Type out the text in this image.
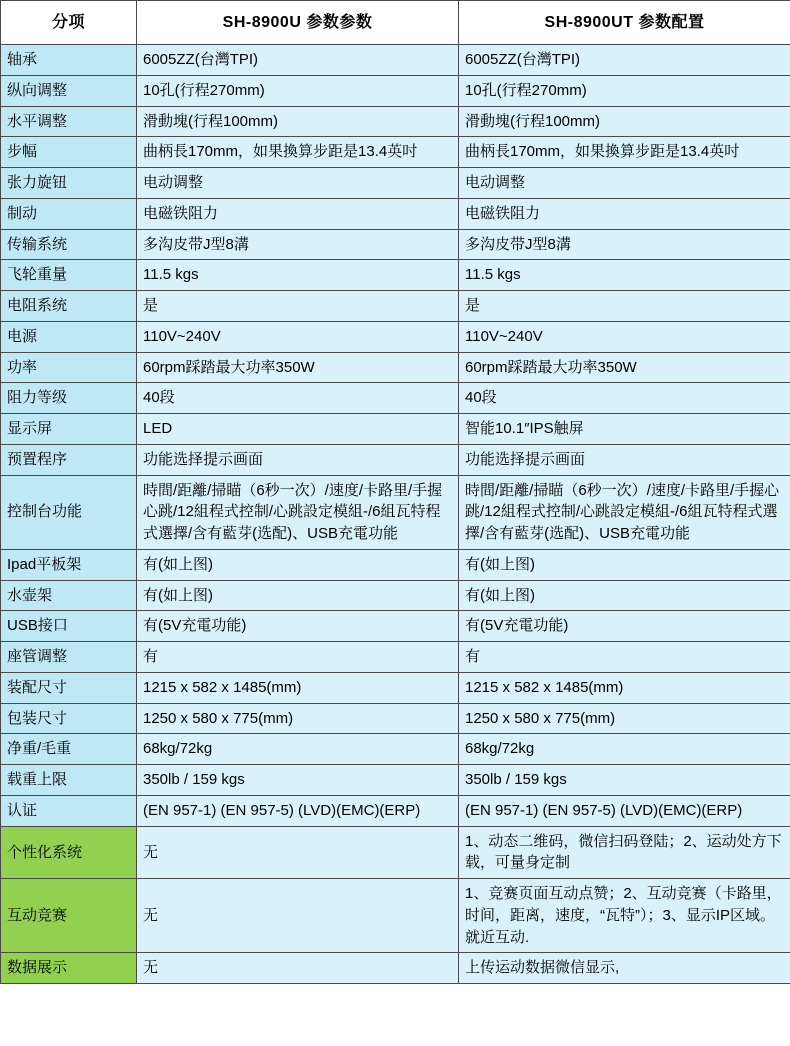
分项	SH-8900U 参数参数	SH-8900UT 参数配置
轴承	6005ZZ(台灣TPI)	6005ZZ(台灣TPI)
纵向调整	10孔(行程270mm)	10孔(行程270mm)
水平调整	滑動塊(行程100mm)	滑動塊(行程100mm)
步幅	曲柄長170mm，如果換算步距是13.4英吋	曲柄長170mm，如果換算步距是13.4英吋
张力旋钮	电动调整	电动调整
制动	电磁铁阻力	电磁铁阻力
传输系统	多沟皮带J型8溝	多沟皮带J型8溝
飞轮重量	11.5 kgs	11.5 kgs
电阻系统	是	是
电源	110V~240V	110V~240V
功率	60rpm踩踏最大功率350W	60rpm踩踏最大功率350W
阻力等级	40段	40段
显示屏	LED	智能10.1″IPS触屏
预置程序	功能选择提示画面	功能选择提示画面
控制台功能	時間/距離/掃瞄（6秒一次）/速度/卡路里/手握心跳/12組程式控制/心跳設定模組-/6組瓦特程式選擇/含有藍芽(选配)、USB充電功能	時間/距離/掃瞄（6秒一次）/速度/卡路里/手握心跳/12組程式控制/心跳設定模組-/6組瓦特程式選擇/含有藍芽(选配)、USB充電功能
Ipad平板架	有(如上图)	有(如上图)
水壶架	有(如上图)	有(如上图)
USB接口	有(5V充電功能)	有(5V充電功能)
座管调整	有	有
装配尺寸	1215 x 582 x 1485(mm)	1215 x 582 x 1485(mm)
包装尺寸	1250 x 580 x 775(mm)	1250 x 580 x 775(mm)
净重/毛重	68kg/72kg	68kg/72kg
载重上限	350lb / 159 kgs	350lb / 159 kgs
认证	(EN 957-1) (EN 957-5) (LVD)(EMC)(ERP)	(EN 957-1) (EN 957-5) (LVD)(EMC)(ERP)
个性化系统	无	1、动态二维码，微信扫码登陆；2、运动处方下载，可量身定制
互动竞赛	无	1、竞赛页面互动点赞；2、互动竞赛（卡路里，时间，距离，速度，“瓦特”）；3、显示IP区域。就近互动.
数据展示	无	上传运动数据微信显示,
